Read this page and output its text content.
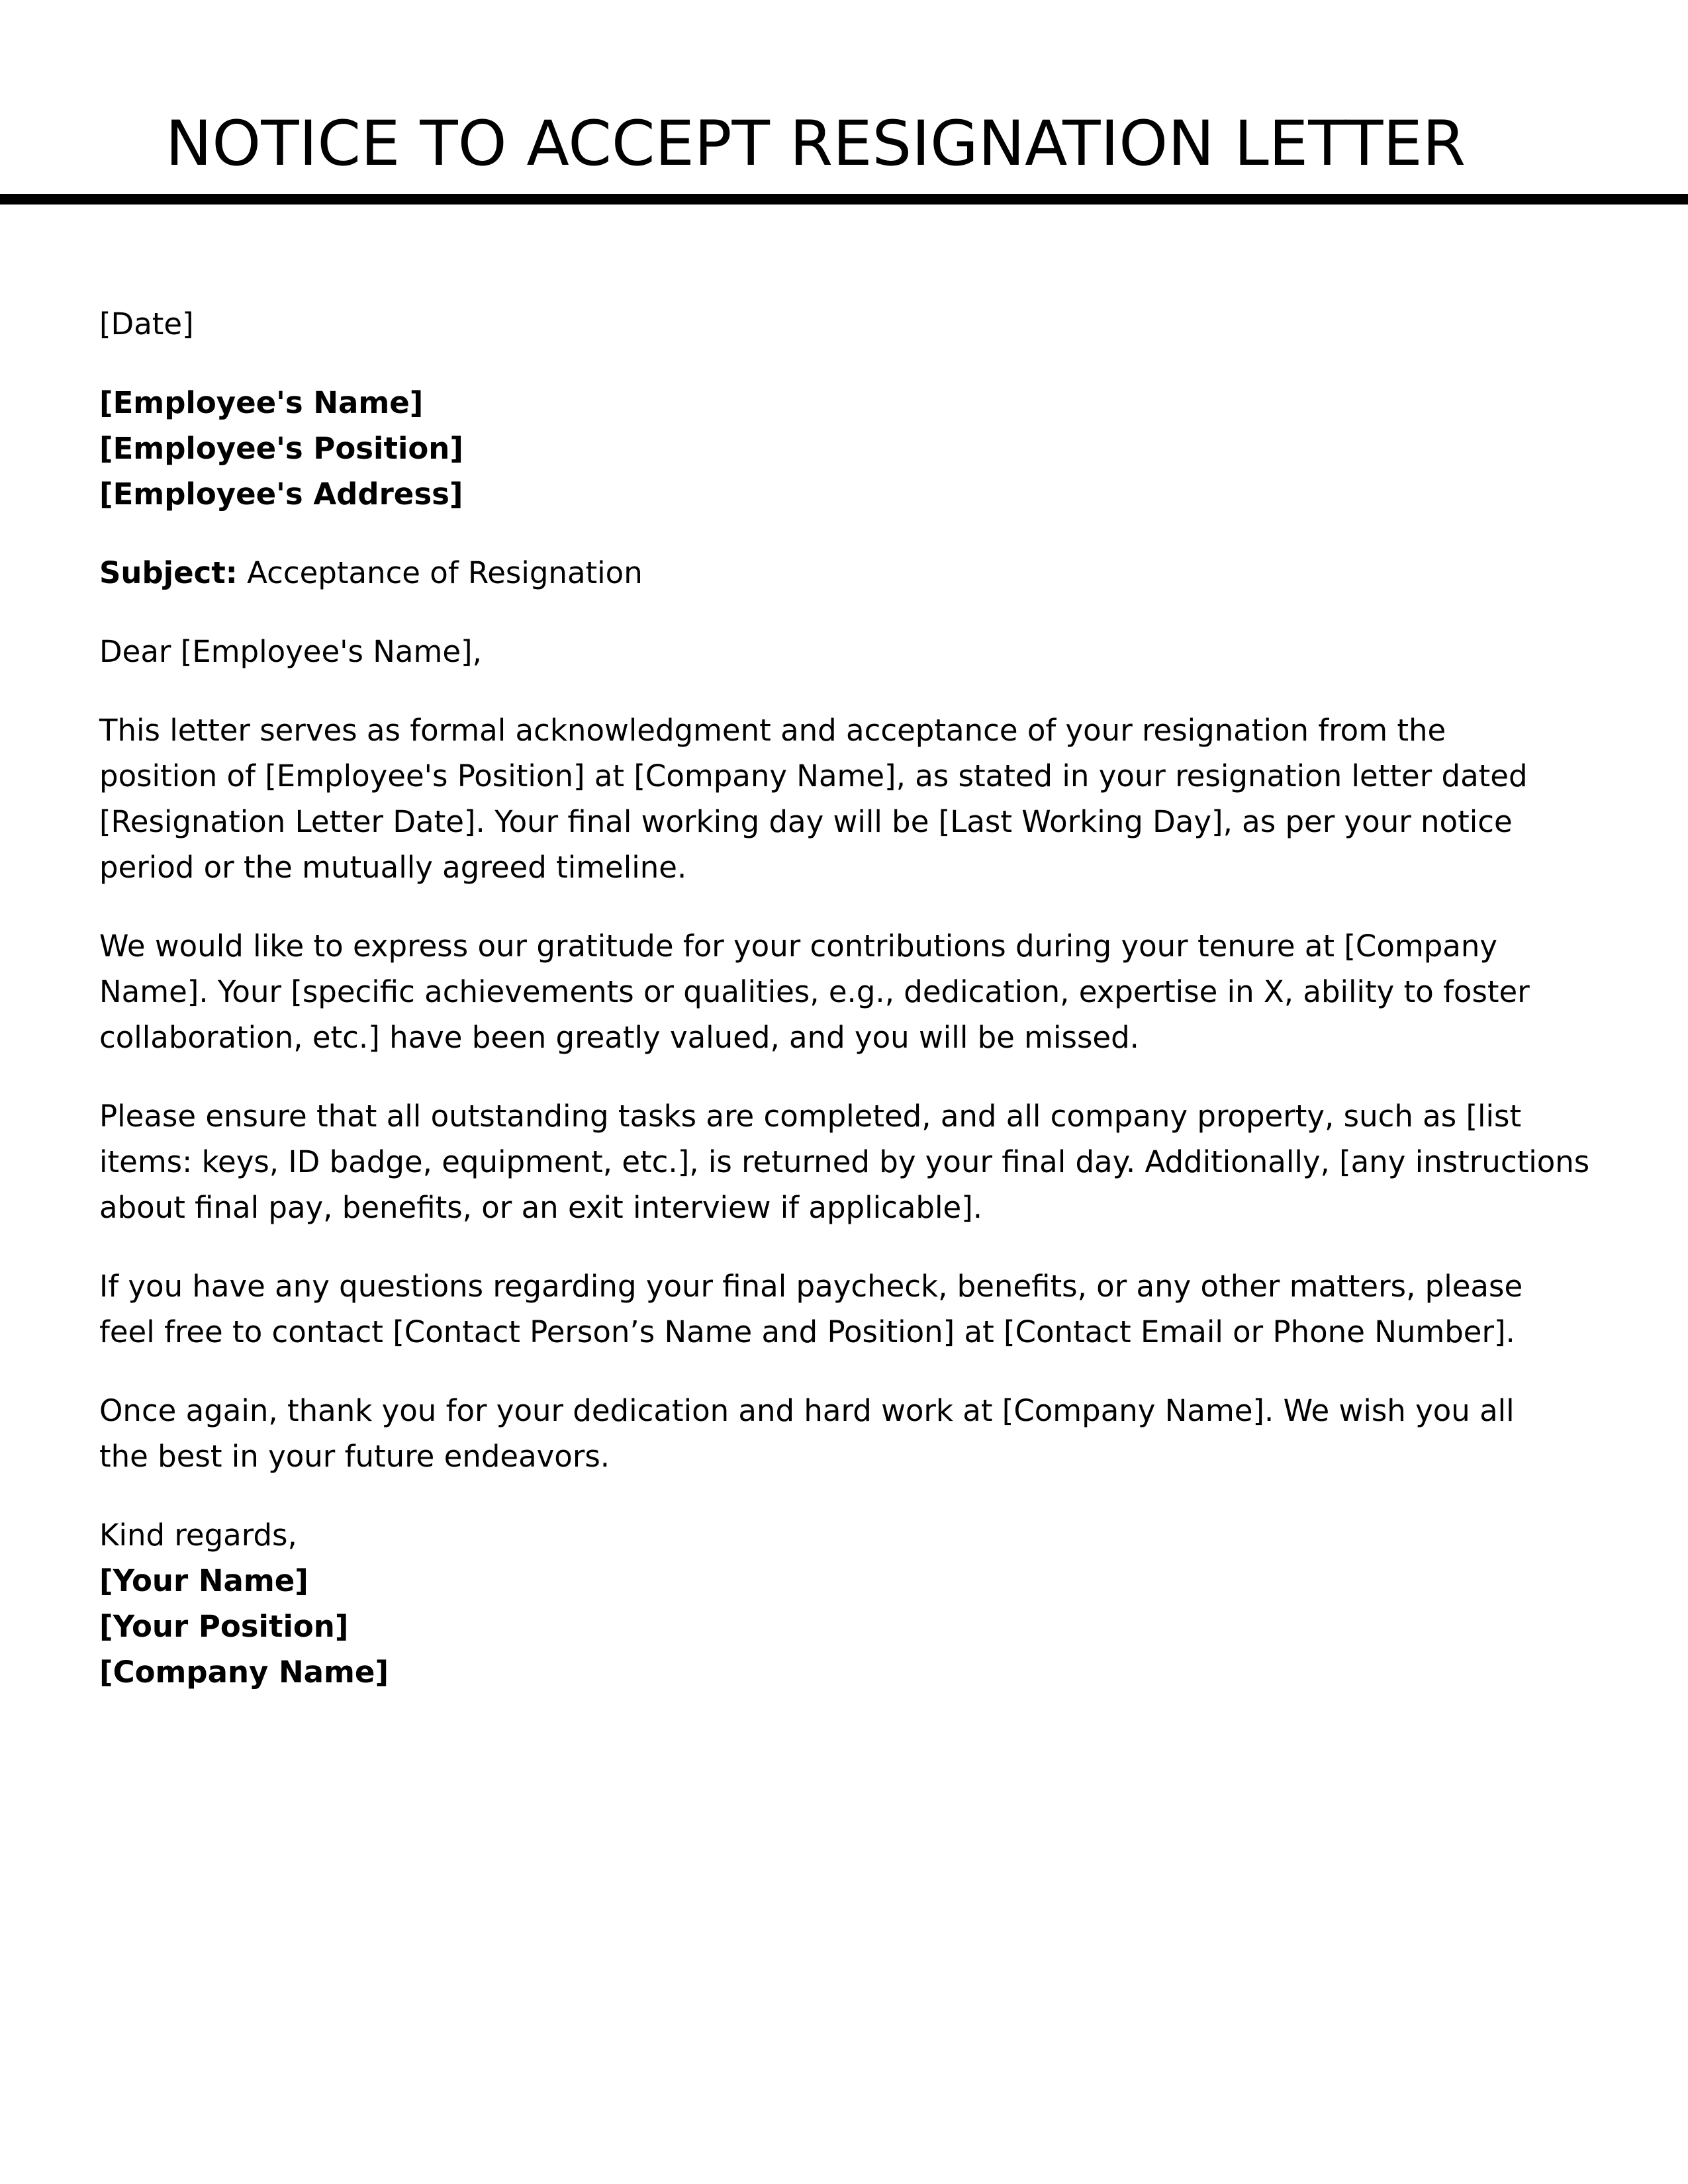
NOTICE TO ACCEPT RESIGNATION LETTER
[Date]
[Employee's Name]
[Employee's Position]
[Employee's Address]
Subject: Acceptance of Resignation
Dear [Employee's Name],
This letter serves as formal acknowledgment and acceptance of your resignation from the
position of [Employee's Position] at [Company Name], as stated in your resignation letter dated
[Resignation Letter Date]. Your final working day will be [Last Working Day], as per your notice
period or the mutually agreed timeline.
We would like to express our gratitude for your contributions during your tenure at [Company
Name]. Your [specific achievements or qualities, e.g., dedication, expertise in X, ability to foster
collaboration, etc.] have been greatly valued, and you will be missed.
Please ensure that all outstanding tasks are completed, and all company property, such as [list
items: keys, ID badge, equipment, etc.], is returned by your final day. Additionally, [any instructions
about final pay, benefits, or an exit interview if applicable].
If you have any questions regarding your final paycheck, benefits, or any other matters, please
feel free to contact [Contact Person’s Name and Position] at [Contact Email or Phone Number].
Once again, thank you for your dedication and hard work at [Company Name]. We wish you all
the best in your future endeavors.
Kind regards,
[Your Name]
[Your Position]
[Company Name]
